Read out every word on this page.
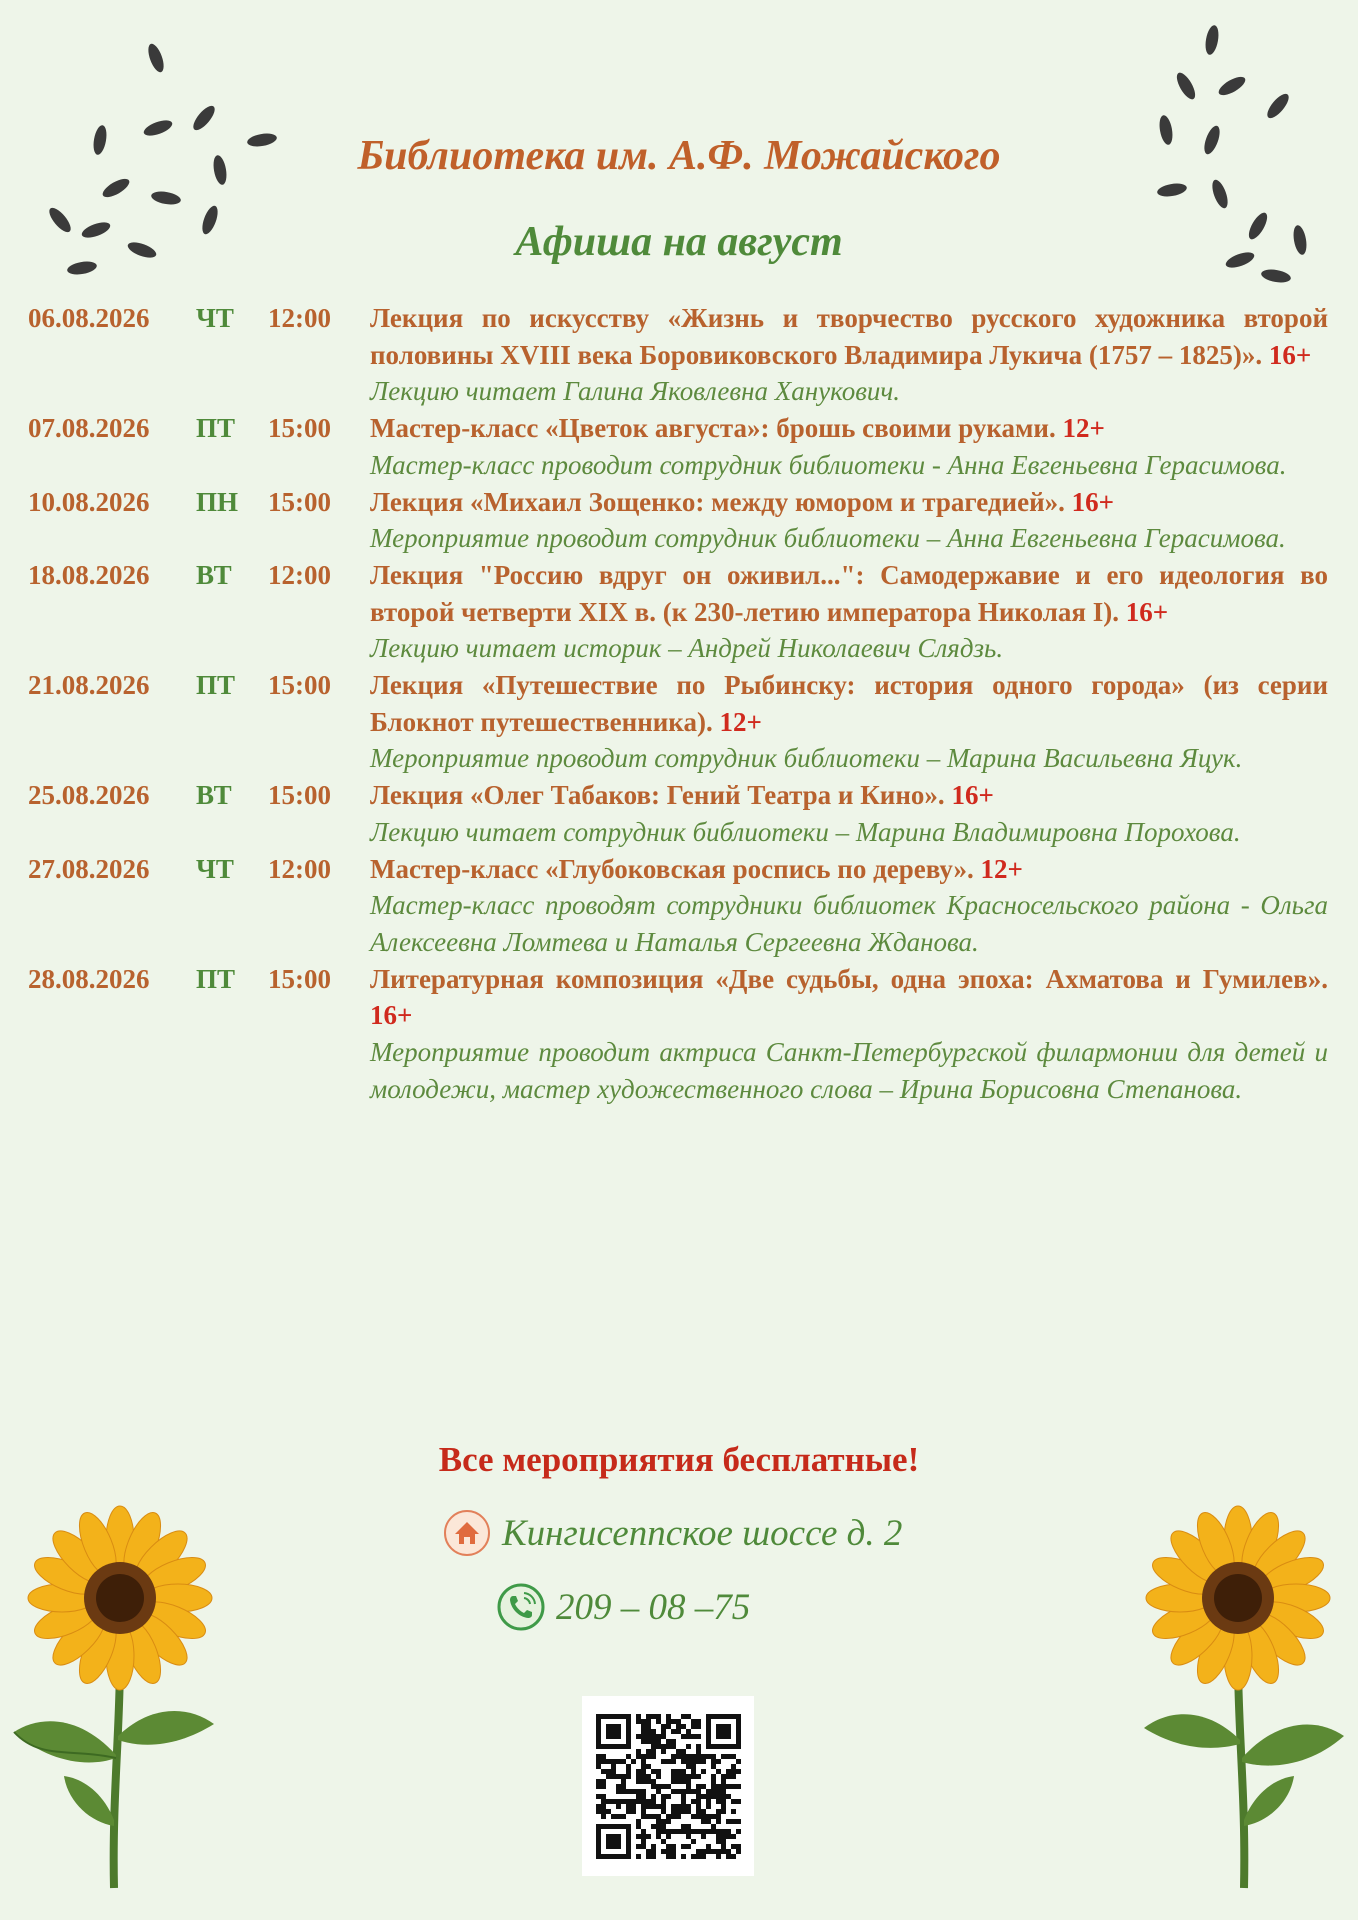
Библиотека им. А.Ф. Можайского
Афиша на август
06.08.2026	ЧТ	12:00	Лекция по искусству «Жизнь и творчество русского художника второй половины XVIII века Боровиковского Владимира Лукича (1757 – 1825)». 16+
Лекцию читает Галина Яковлевна Ханукович.
07.08.2026	ПТ	15:00	Мастер-класс «Цветок августа»: брошь своими руками. 12+
Мастер-класс проводит сотрудник библиотеки - Анна Евгеньевна Герасимова.
10.08.2026	ПН	15:00	Лекция «Михаил Зощенко: между юмором и трагедией». 16+
Мероприятие проводит сотрудник библиотеки – Анна Евгеньевна Герасимова.
18.08.2026	ВТ	12:00	Лекция "Россию вдруг он оживил...": Самодержавие и его идеология во второй четверти XIX в. (к 230-летию императора Николая I). 16+
Лекцию читает историк – Андрей Николаевич Слядзь.
21.08.2026	ПТ	15:00	Лекция «Путешествие по Рыбинску: история одного города» (из серии Блокнот путешественника). 12+
Мероприятие проводит сотрудник библиотеки – Марина Васильевна Яцук.
25.08.2026	ВТ	15:00	Лекция «Олег Табаков: Гений Театра и Кино». 16+
Лекцию читает сотрудник библиотеки – Марина Владимировна Порохова.
27.08.2026	ЧТ	12:00	Мастер-класс «Глубоковская роспись по дереву». 12+
Мастер-класс проводят сотрудники библиотек Красносельского района - Ольга Алексеевна Ломтева и Наталья Сергеевна Жданова.
28.08.2026	ПТ	15:00	Литературная композиция «Две судьбы, одна эпоха: Ахматова и Гумилев». 16+
Мероприятие проводит актриса Санкт-Петербургской филармонии для детей и молодежи, мастер художественного слова – Ирина Борисовна Степанова.
Все мероприятия бесплатные!
Кингисеппское шоссе д. 2
209 – 08 –75
